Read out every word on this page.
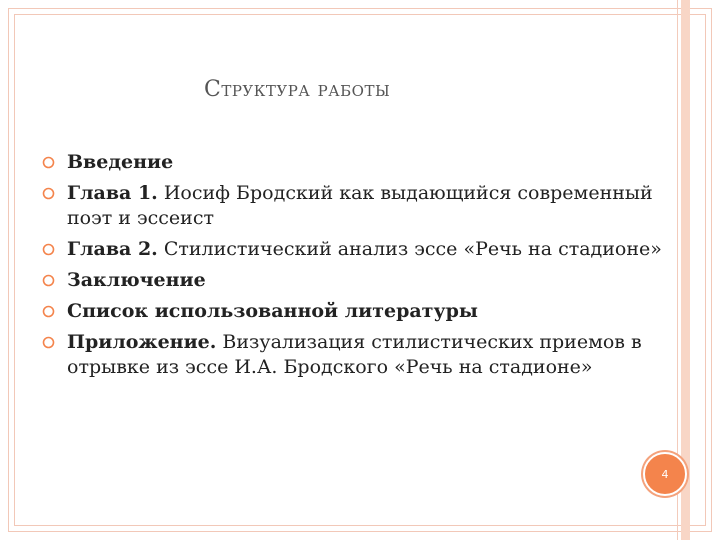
Структура работы
Введение
Глава 1. Иосиф Бродский как выдающийся современный поэт и эссеист
Глава 2. Стилистический анализ эссе «Речь на стадионе»
Заключение
Список использованной литературы
Приложение. Визуализация стилистических приемов в отрывке из эссе И.А. Бродского «Речь на стадионе»
4
